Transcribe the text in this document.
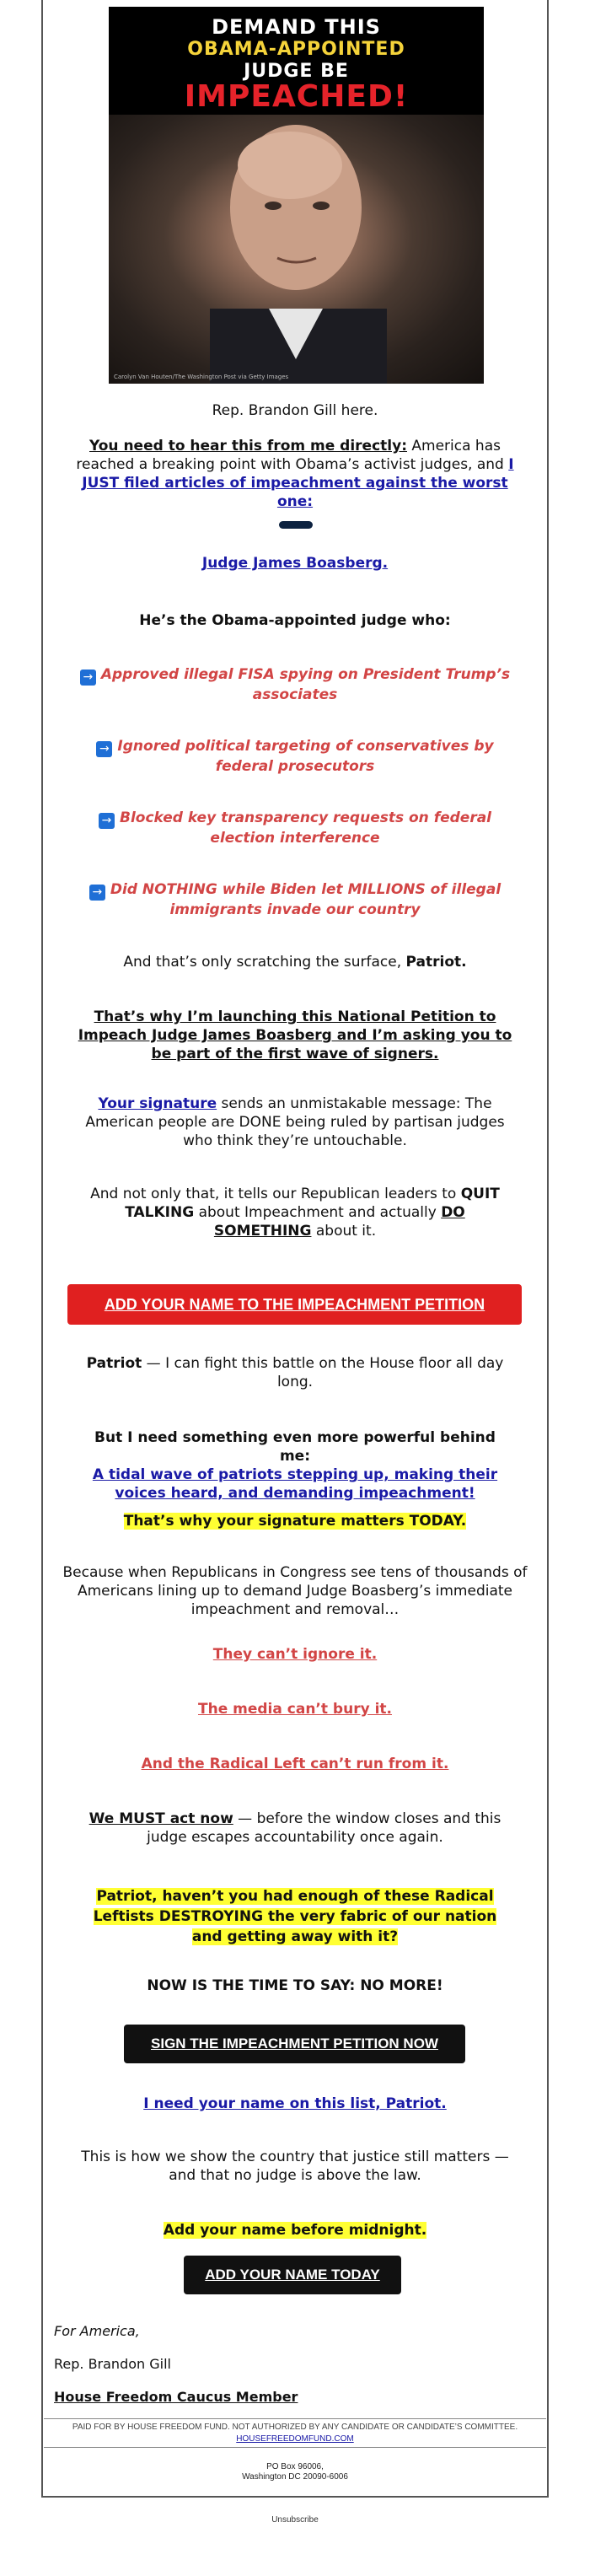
DEMAND THIS
OBAMA-APPOINTED
JUDGE BE
IMPEACHED!
Carolyn Van Houten/The Washington Post via Getty Images
Rep. Brandon Gill here.
You need to hear this from me directly: America has reached a breaking point with Obama’s activist judges, and I JUST filed articles of impeachment against the worst one:
Judge James Boasberg.
He’s the Obama-appointed judge who:
→ Approved illegal FISA spying on President Trump’s associates
→ Ignored political targeting of conservatives by federal prosecutors
→ Blocked key transparency requests on federal election interference
→ Did NOTHING while Biden let MILLIONS of illegal immigrants invade our country
And that’s only scratching the surface, Patriot.
That’s why I’m launching this National Petition to Impeach Judge James Boasberg and I’m asking you to be part of the first wave of signers.
Your signature sends an unmistakable message: The American people are DONE being ruled by partisan judges who think they’re untouchable.
And not only that, it tells our Republican leaders to QUIT TALKING about Impeachment and actually DO SOMETHING about it.
ADD YOUR NAME TO THE IMPEACHMENT PETITION
Patriot — I can fight this battle on the House floor all day long.
But I need something even more powerful behind me:
A tidal wave of patriots stepping up, making their voices heard, and demanding impeachment!
That’s why your signature matters TODAY.
Because when Republicans in Congress see tens of thousands of Americans lining up to demand Judge Boasberg’s immediate impeachment and removal…
They can’t ignore it.
The media can’t bury it.
And the Radical Left can’t run from it.
We MUST act now — before the window closes and this judge escapes accountability once again.
Patriot, haven’t you had enough of these Radical Leftists DESTROYING the very fabric of our nation and getting away with it?
NOW IS THE TIME TO SAY: NO MORE!
SIGN THE IMPEACHMENT PETITION NOW
I need your name on this list, Patriot.
This is how we show the country that justice still matters — and that no judge is above the law.
Add your name before midnight.
ADD YOUR NAME TODAY
For America,
Rep. Brandon Gill
House Freedom Caucus Member
PAID FOR BY HOUSE FREEDOM FUND. NOT AUTHORIZED BY ANY CANDIDATE OR CANDIDATE’S COMMITTEE.
HOUSEFREEDOMFUND.COM
PO Box 96006,
Washington DC 20090-6006
Unsubscribe
